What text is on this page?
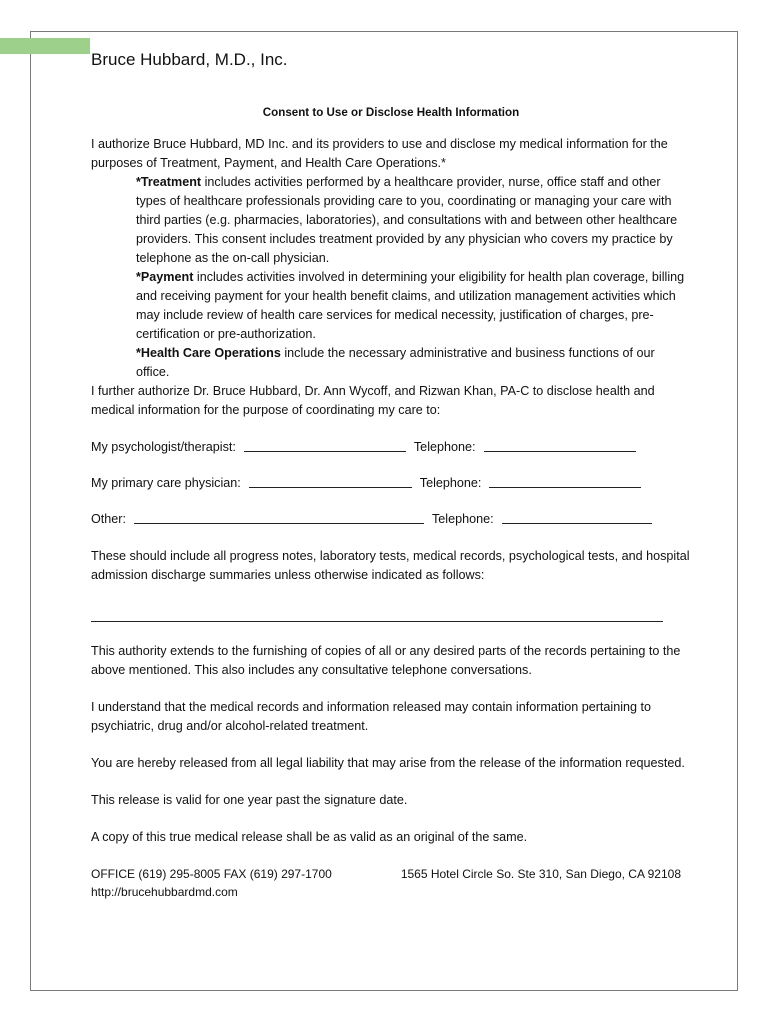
Bruce Hubbard, M.D., Inc.
Consent to Use or Disclose Health Information
I authorize Bruce Hubbard, MD Inc. and its providers to use and disclose my medical information for the purposes of Treatment, Payment, and Health Care Operations.*
*Treatment includes activities performed by a healthcare provider, nurse, office staff and other types of healthcare professionals providing care to you, coordinating or managing your care with third parties (e.g. pharmacies, laboratories), and consultations with and between other healthcare providers. This consent includes treatment provided by any physician who covers my practice by telephone as the on-call physician.
*Payment includes activities involved in determining your eligibility for health plan coverage, billing and receiving payment for your health benefit claims, and utilization management activities which may include review of health care services for medical necessity, justification of charges, pre-certification or pre-authorization.
*Health Care Operations include the necessary administrative and business functions of our office.
I further authorize Dr. Bruce Hubbard, Dr. Ann Wycoff, and Rizwan Khan, PA-C to disclose health and medical information for the purpose of coordinating my care to:
My psychologist/therapist:	Telephone:
My primary care physician:	Telephone:
Other:	Telephone:
These should include all progress notes, laboratory tests, medical records, psychological tests, and hospital admission discharge summaries unless otherwise indicated as follows:
This authority extends to the furnishing of copies of all or any desired parts of the records pertaining to the above mentioned. This also includes any consultative telephone conversations.
I understand that the medical records and information released may contain information pertaining to psychiatric, drug and/or alcohol-related treatment.
You are hereby released from all legal liability that may arise from the release of the information requested.
This release is valid for one year past the signature date.
A copy of this true medical release shall be as valid as an original of the same.
OFFICE (619) 295-8005 FAX (619) 297-1700	1565 Hotel Circle So. Ste 310, San Diego, CA 92108
http://brucehubbardmd.com
